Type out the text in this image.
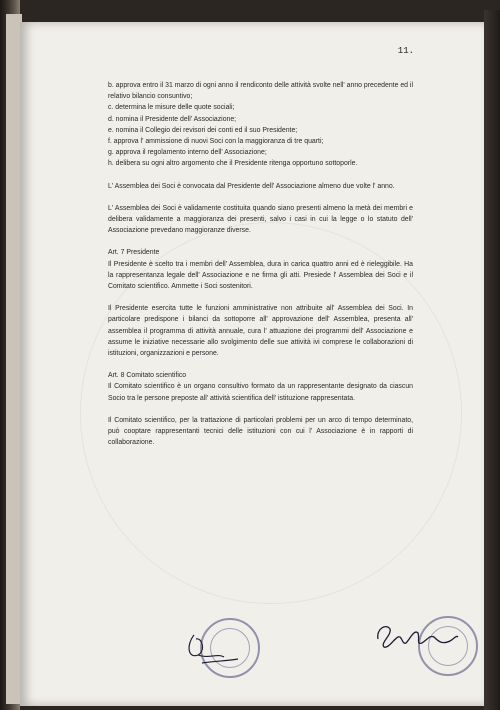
11.

b. approva entro il 31 marzo di ogni anno il rendiconto delle attività svolte nell' anno precedente ed il relativo bilancio consuntivo;

c. determina le misure delle quote sociali;

d. nomina il Presidente dell' Associazione;

e. nomina il Collegio dei revisori dei conti ed il suo Presidente;

f. approva l' ammissione di nuovi Soci con la maggioranza di tre quarti;

g. approva il regolamento interno dell' Associazione;

h. delibera su ogni altro argomento che il Presidente ritenga opportuno sottoporle.

L' Assemblea dei Soci è convocata dal Presidente dell' Associazione almeno due volte l' anno.

L' Assemblea dei Soci è validamente costituita quando siano presenti almeno la metà dei membri e delibera validamente a maggioranza dei presenti, salvo i casi in cui la legge o lo statuto dell' Associazione prevedano maggioranze diverse.

Art. 7 Presidente

Il Presidente è scelto tra i membri dell' Assemblea, dura in carica quattro anni ed è rieleggibile. Ha la rappresentanza legale dell' Associazione e ne firma gli atti. Presiede l' Assemblea dei Soci e il Comitato scientifico. Ammette i Soci sostenitori.

Il Presidente esercita tutte le funzioni amministrative non attribuite all' Assemblea dei Soci. In particolare predispone i bilanci da sottoporre all' approvazione dell' Assemblea, presenta all' assemblea il programma di attività annuale, cura l' attuazione dei programmi dell' Associazione e assume le iniziative necessarie allo svolgimento delle sue attività ivi comprese le collaborazioni di istituzioni, organizzazioni e persone.

Art. 8 Comitato scientifico

Il Comitato scientifico è un organo consultivo formato da un rappresentante designato da ciascun Socio tra le persone preposte all' attività scientifica dell' istituzione rappresentata.

Il Comitato scientifico, per la trattazione di particolari problemi per un arco di tempo determinato, può cooptare rappresentanti tecnici delle istituzioni con cui l' Associazione è in rapporti di collaborazione.
